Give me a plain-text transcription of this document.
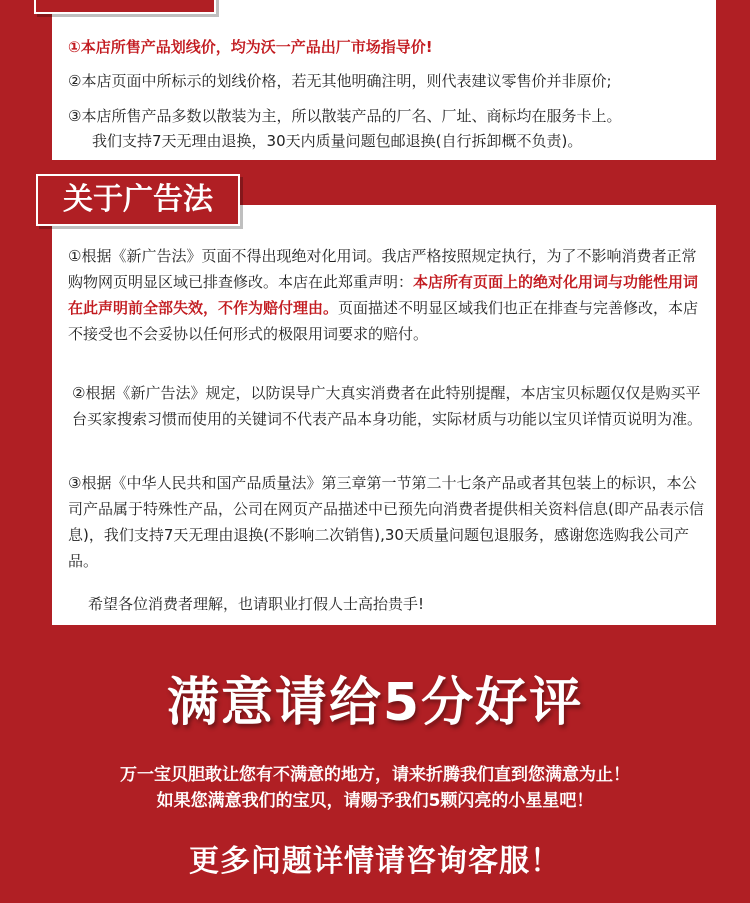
①本店所售产品划线价，均为沃一产品出厂市场指导价!
②本店页面中所标示的划线价格，若无其他明确注明，则代表建议零售价并非原价;
③本店所售产品多数以散装为主，所以散装产品的厂名、厂址、商标均在服务卡上。
我们支持7天无理由退换，30天内质量问题包邮退换(自行拆卸概不负责)。
关于广告法
①根据《新广告法》页面不得出现绝对化用词。我店严格按照规定执行，为了不影响消费者正常购物网页明显区域已排查修改。本店在此郑重声明：本店所有页面上的绝对化用词与功能性用词在此声明前全部失效，不作为赔付理由。页面描述不明显区域我们也正在排查与完善修改，本店不接受也不会妥协以任何形式的极限用词要求的赔付。
②根据《新广告法》规定，以防误导广大真实消费者在此特别提醒，本店宝贝标题仅仅是购买平台买家搜索习惯而使用的关键词不代表产品本身功能，实际材质与功能以宝贝详情页说明为准。
③根据《中华人民共和国产品质量法》第三章第一节第二十七条产品或者其包装上的标识，本公司产品属于特殊性产品，公司在网页产品描述中已预先向消费者提供相关资料信息(即产品表示信息)，我们支持7天无理由退换(不影响二次销售),30天质量问题包退服务，感谢您选购我公司产品。
希望各位消费者理解，也请职业打假人士高抬贵手!
满意请给5分好评
万一宝贝胆敢让您有不满意的地方，请来折腾我们直到您满意为止！
如果您满意我们的宝贝，请赐予我们5颗闪亮的小星星吧！
更多问题详情请咨询客服！
